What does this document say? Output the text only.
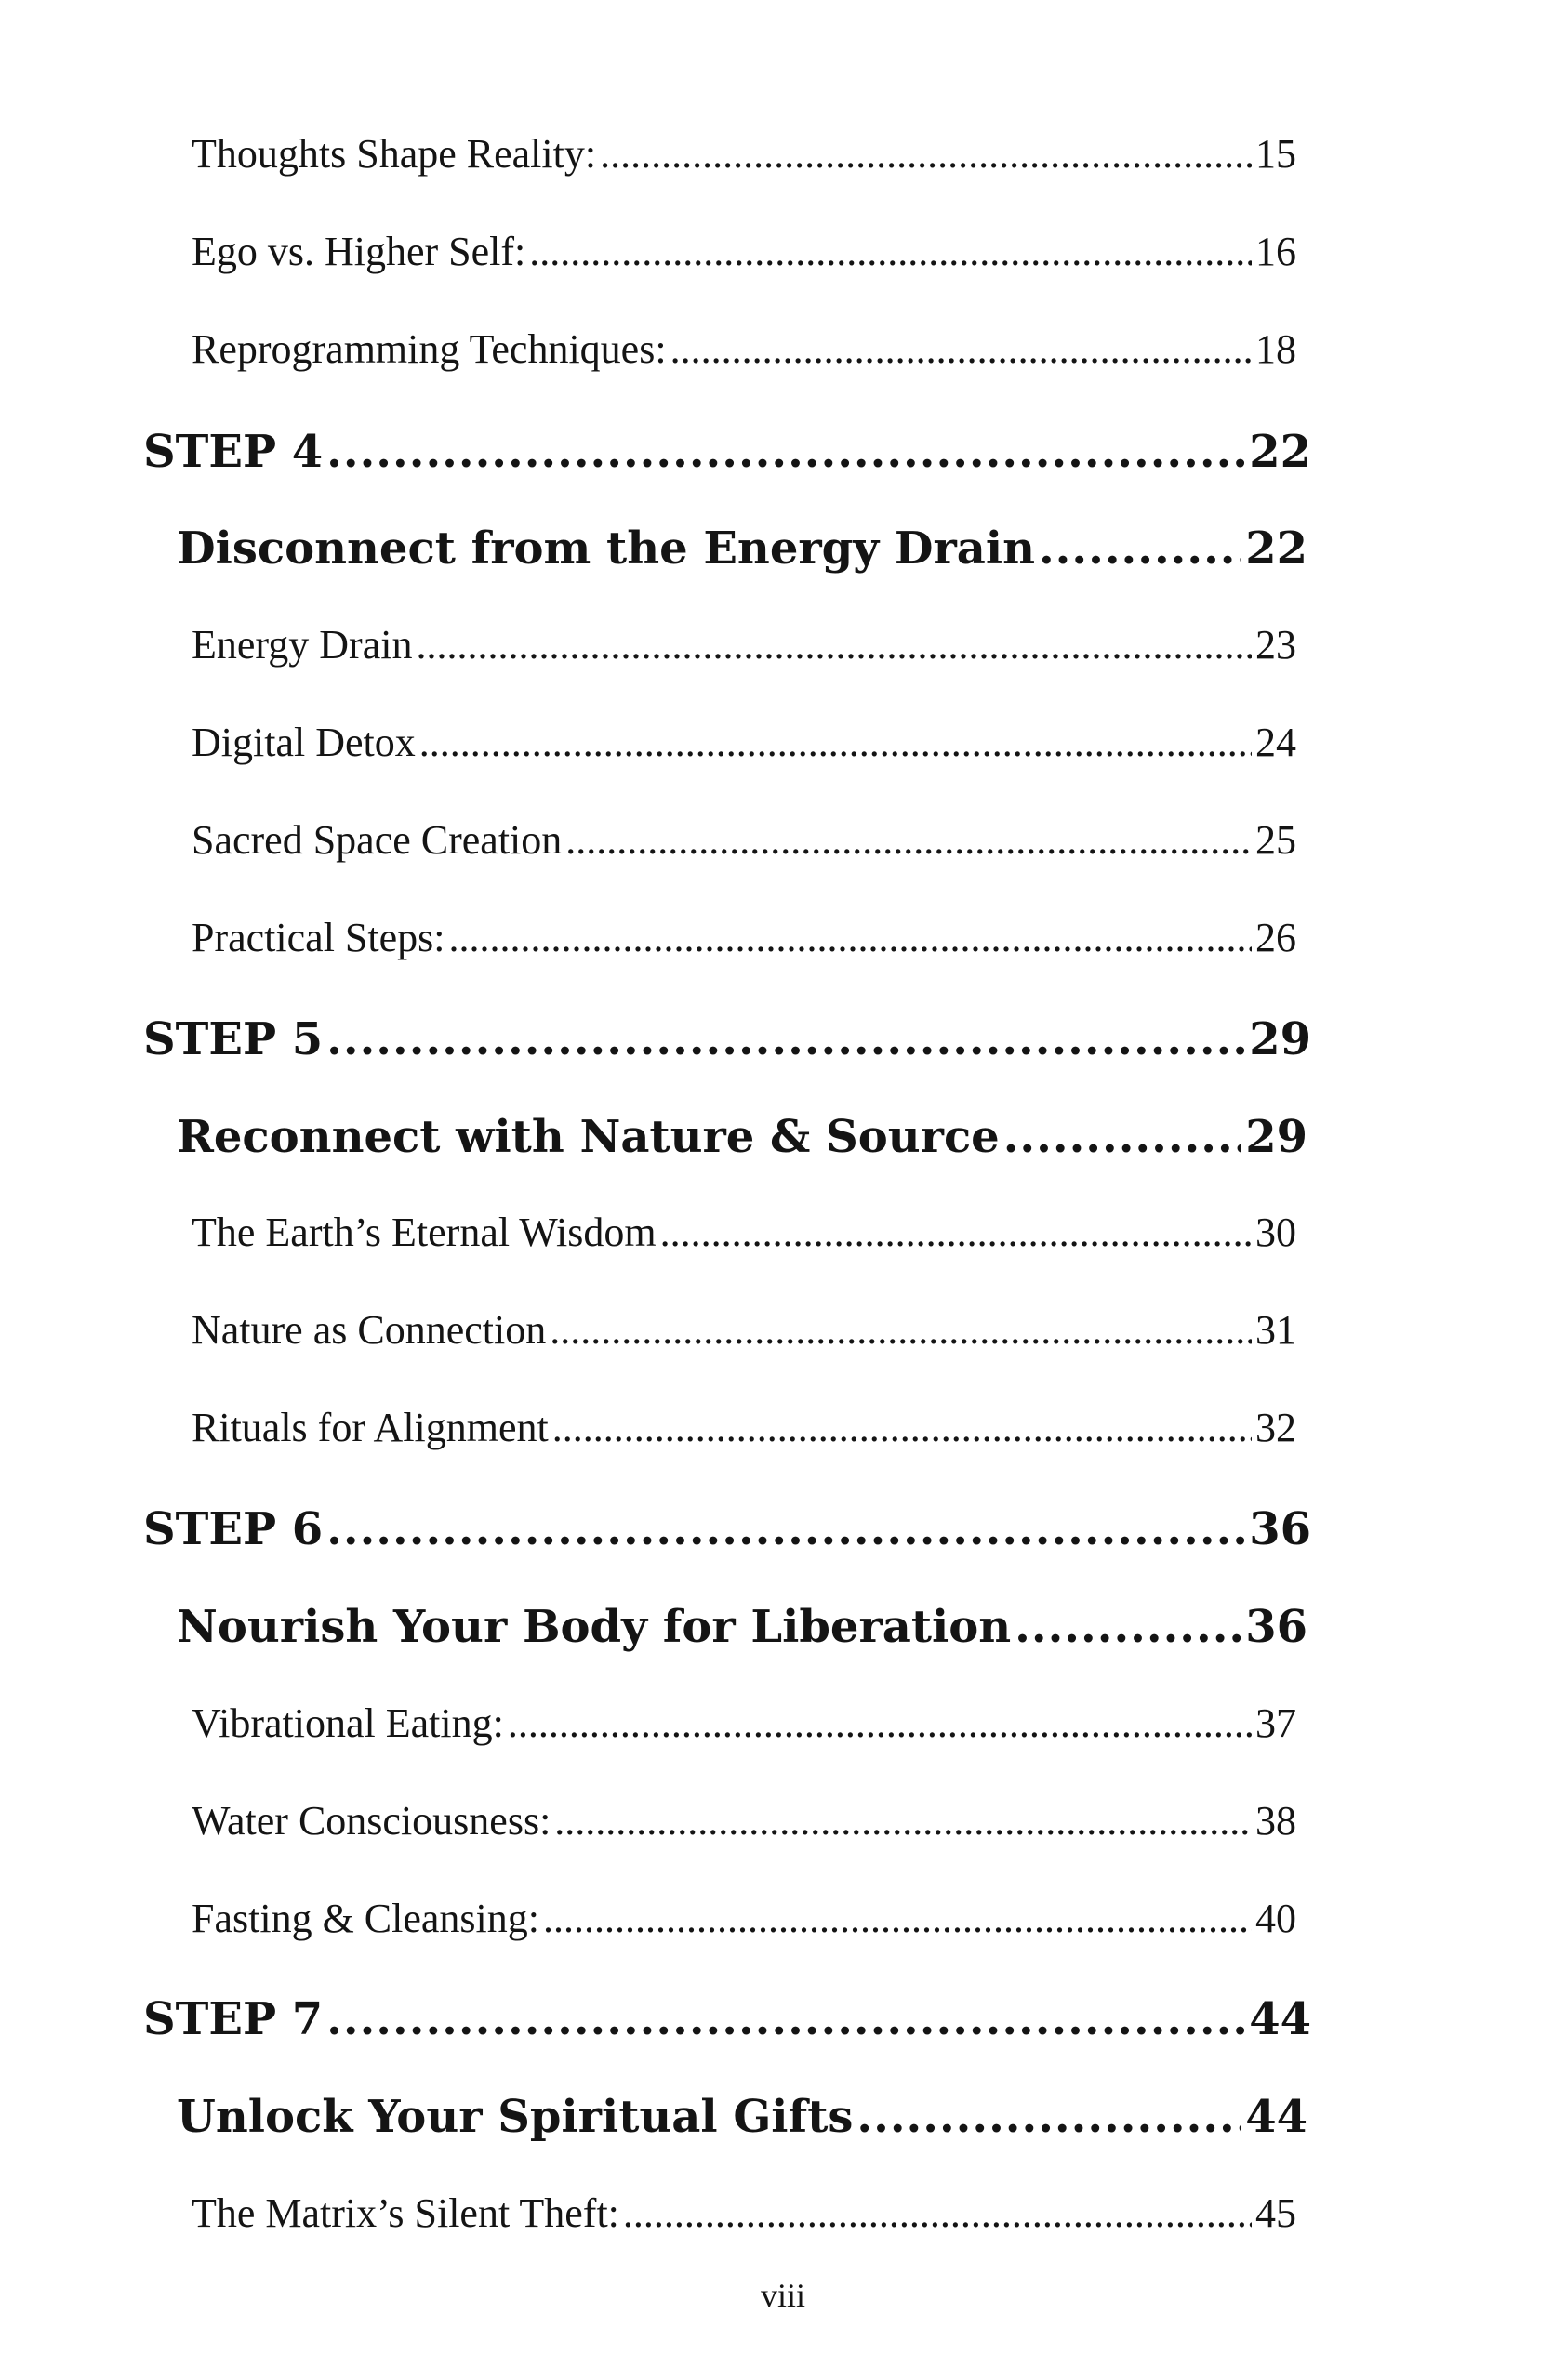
Thoughts Shape Reality: .....	15
Ego vs. Higher Self: .....	16
Reprogramming Techniques: .....	18
STEP 4 .....	22
Disconnect from the Energy Drain .....	22
Energy Drain .....	23
Digital Detox .....	24
Sacred Space Creation .....	25
Practical Steps: .....	26
STEP 5 .....	29
Reconnect with Nature & Source .....	29
The Earth’s Eternal Wisdom .....	30
Nature as Connection .....	31
Rituals for Alignment .....	32
STEP 6 .....	36
Nourish Your Body for Liberation .....	36
Vibrational Eating: .....	37
Water Consciousness: .....	38
Fasting & Cleansing: .....	40
STEP 7 .....	44
Unlock Your Spiritual Gifts .....	44
The Matrix’s Silent Theft: .....	45
viii
